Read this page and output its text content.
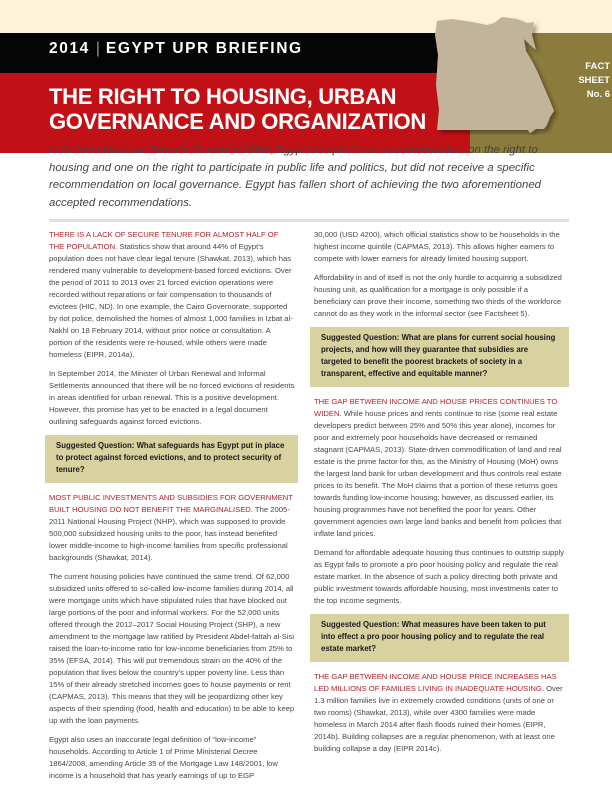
2014 | EGYPT UPR BRIEFING
THE RIGHT TO HOUSING, URBAN
GOVERNANCE AND ORGANIZATION
FACT
SHEET
No. 6
In its last Universal Periodic Review in 2010, Egypt accepted one recommendation on the right to housing and one on the right to participate in public life and politics, but did not receive a specific recommendation on local governance. Egypt has fallen short of achieving the two aforementioned accepted recommendations.

THERE IS A LACK OF SECURE TENURE FOR ALMOST HALF OF THE POPULATION. Statistics show that around 44% of Egypt’s population does not have clear legal tenure (Shawkat, 2013), which has rendered many vulnerable to development-based forced evictions. Over the period of 2011 to 2013 over 21 forced eviction operations were recorded without reparations or fair compensation to thousands of evictees (HIC, ND). In one example, the Cairo Governorate, supported by riot police, demolished the homes of almost 1,000 families in Izbat al-Nakhl on 18 February 2014, without prior notice or consultation. A portion of the residents were re-housed, while others were made homeless (EIPR, 2014a).

In September 2014, the Minister of Urban Renewal and Informal Settlements announced that there will be no forced evictions of residents in areas identified for urban renewal. This is a positive development. However, this promise has yet to be enacted in a legal document outlining safeguards against forced evictions.

Suggested Question: What safeguards has Egypt put in place to protect against forced evictions, and to protect security of tenure?

MOST PUBLIC INVESTMENTS AND SUBSIDIES FOR GOVERNMENT BUILT HOUSING DO NOT BENEFIT THE MARGINALISED. The 2005-2011 National Housing Project (NHP), which was supposed to provide 500,000 subsidized housing units to the poor, has instead benefited lower middle-income to high-income families from specific professional backgrounds (Shawkat, 2014).

The current housing policies have continued the same trend. Of 62,000 subsidized units offered to so-called low-income families during 2014, all were mortgage units which have stipulated rules that have blocked out large portions of the poor and informal workers. For the 52,000 units offered through the 2012–2017 Social Housing Project (SHP), a new amendment to the mortgage law ratified by President Abdel-fattah al-Sisi raised the loan-to-income ratio for low-income beneficiaries from 25% to 35% (EFSA, 2014). This will put tremendous strain on the 40% of the population that lives below the country’s upper poverty line. Less than 15% of their already stretched incomes goes to house payments or rent (CAPMAS, 2013). This means that they will be jeopardizing other key aspects of their spending (food, health and education) to be able to keep up with the loan payments.

Egypt also uses an inaccurate legal definition of “low-income” households. According to Article 1 of Prime Ministerial Decree 1864/2008, amending Article 35 of the Mortgage Law 148/2001, low income is a household that has yearly earnings of up to EGP

30,000 (USD 4200), which official statistics show to be households in the highest income quintile (CAPMAS, 2013). This allows higher earners to compete with lower earners for already limited housing support.

Affordability in and of itself is not the only hurdle to acquiring a subsidized housing unit, as qualification for a mortgage is only possible if a beneficiary can prove their income, something two thirds of the workforce cannot do as they work in the informal sector (see Factsheet 5).

Suggested Question: What are plans for current social housing projects, and how will they guarantee that subsidies are targeted to benefit the poorest brackets of society in a transparent, effective and equitable manner?

THE GAP BETWEEN INCOME AND HOUSE PRICES CONTINUES TO WIDEN. While house prices and rents continue to rise (some real estate developers predict between 25% and 50% this year alone), incomes for poor and extremely poor households have decreased or remained stagnant (CAPMAS, 2013). State-driven commodification of land and real estate is the prime factor for this, as the Ministry of Housing (MoH) owns the largest land bank for urban development and thus controls real estate prices to its benefit. The MoH claims that a portion of these returns goes towards funding low-income housing; however, as discussed earlier, its housing programmes have not benefited the poor for years. Other government agencies own large land banks and benefit from policies that inflate land prices.

Demand for affordable adequate housing thus continues to outstrip supply as Egypt fails to promote a pro poor housing policy and regulate the real estate market. In the absence of such a policy directing both private and public investment towards affordable housing, most investments cater to the top income segments.

Suggested Question: What measures have been taken to put into effect a pro poor housing policy and to regulate the real estate market?

THE GAP BETWEEN INCOME AND HOUSE PRICE INCREASES HAS LED MILLIONS OF FAMILIES LIVING IN INADEQUATE HOUSING. Over 1.3 million families live in extremely crowded conditions (units of one or two rooms) (Shawkat, 2013), while over 4300 families were made homeless in March 2014 after flash floods ruined their homes (EIPR, 2014b). Building collapses are a regular phenomenon, with at least one building collapse a day (EIPR 2014c).
